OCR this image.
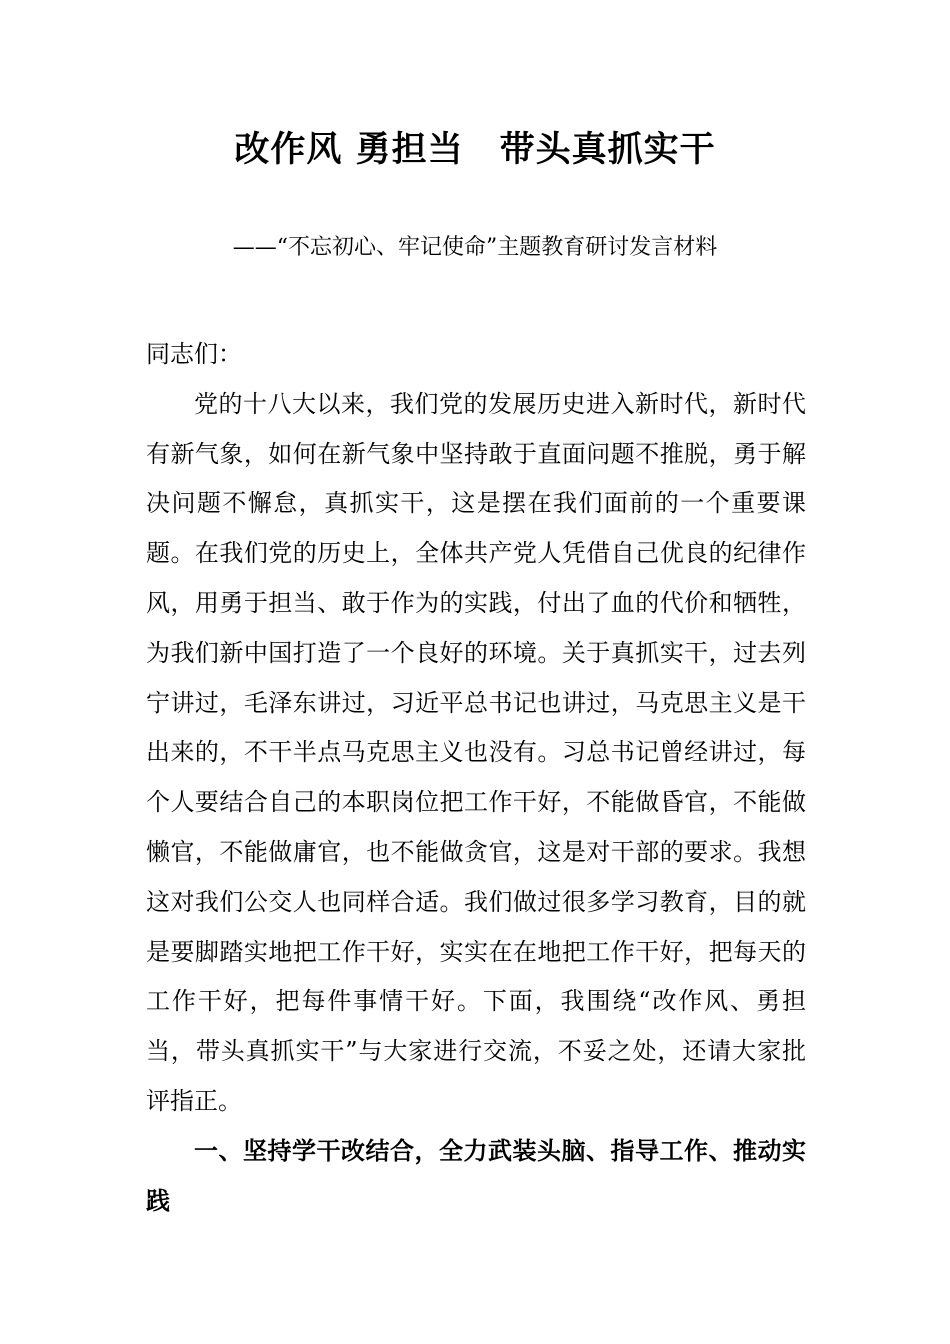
改作风 勇担当　带头真抓实干
——“不忘初心、牢记使命”主题教育研讨发言材料

同志们：

党的十八大以来，我们党的发展历史进入新时代，新时代有新气象，如何在新气象中坚持敢于直面问题不推脱，勇于解决问题不懈怠，真抓实干，这是摆在我们面前的一个重要课题。在我们党的历史上，全体共产党人凭借自己优良的纪律作风，用勇于担当、敢于作为的实践，付出了血的代价和牺牲，为我们新中国打造了一个良好的环境。关于真抓实干，过去列宁讲过，毛泽东讲过，习近平总书记也讲过，马克思主义是干出来的，不干半点马克思主义也没有。习总书记曾经讲过，每个人要结合自己的本职岗位把工作干好，不能做昏官，不能做懒官，不能做庸官，也不能做贪官，这是对干部的要求。我想这对我们公交人也同样合适。我们做过很多学习教育，目的就是要脚踏实地把工作干好，实实在在地把工作干好，把每天的工作干好，把每件事情干好。下面，我围绕“改作风、勇担当，带头真抓实干”与大家进行交流，不妥之处，还请大家批评指正。

一、坚持学干改结合，全力武装头脑、指导工作、推动实践
